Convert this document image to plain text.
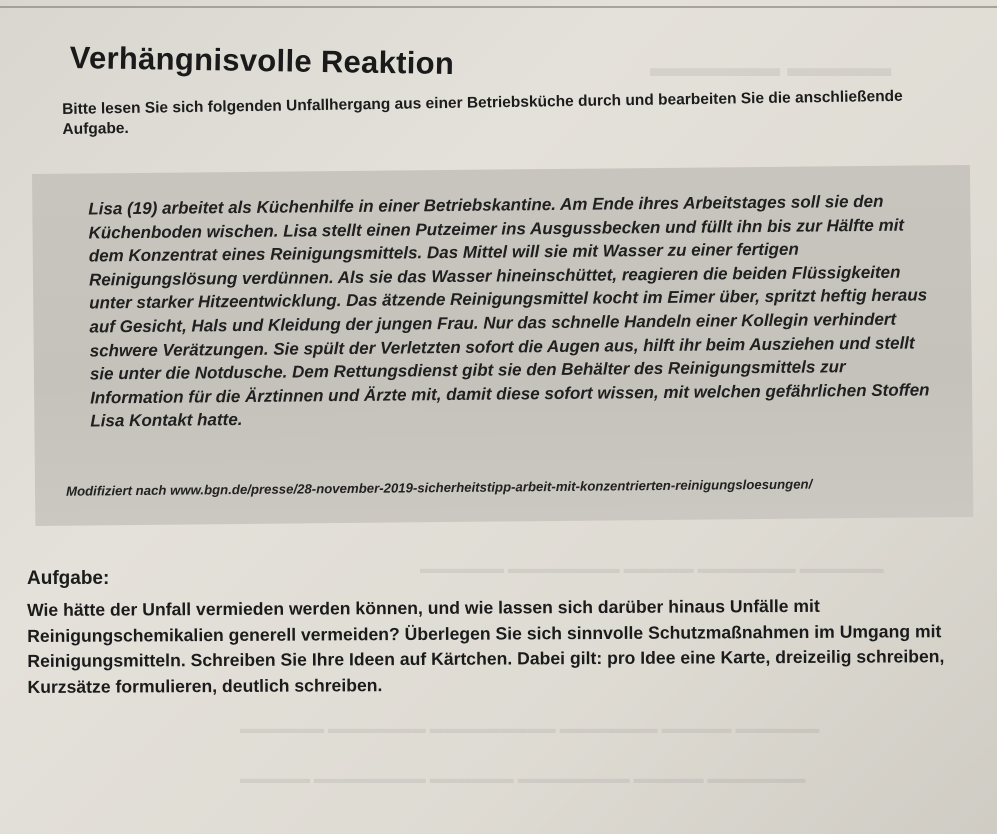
▬▬▬▬ ▬▬▬▬▬
▬▬▬▬▬▬ ▬▬▬▬▬▬▬ ▬▬▬▬▬ ▬▬▬▬▬▬▬▬ ▬▬▬▬▬▬
▬▬▬▬▬▬ ▬▬▬▬▬ ▬▬▬▬▬▬▬ ▬▬▬▬▬▬▬▬▬ ▬▬▬▬▬▬▬ ▬▬▬▬▬▬
▬▬▬▬▬▬▬ ▬▬▬▬▬ ▬▬▬▬▬▬▬▬ ▬▬▬▬▬▬ ▬▬▬▬▬▬▬▬ ▬▬▬▬▬
Verhängnisvolle Reaktion
Bitte lesen Sie sich folgenden Unfallhergang aus einer Betriebsküche durch und bearbeiten Sie die anschließende Aufgabe.

Lisa (19) arbeitet als Küchenhilfe in einer Betriebskantine. Am Ende ihres Arbeitstages soll sie den Küchenboden wischen. Lisa stellt einen Putzeimer ins Ausgussbecken und füllt ihn bis zur Hälfte mit dem Konzentrat eines Reinigungsmittels. Das Mittel will sie mit Wasser zu einer fertigen Reinigungslösung verdünnen. Als sie das Wasser hineinschüttet, reagieren die beiden Flüssigkeiten unter starker Hitzeentwicklung. Das ätzende Reinigungsmittel kocht im Eimer über, spritzt heftig heraus auf Gesicht, Hals und Kleidung der jungen Frau. Nur das schnelle Handeln einer Kollegin verhindert schwere Verätzungen. Sie spült der Verletzten sofort die Augen aus, hilft ihr beim Ausziehen und stellt sie unter die Notdusche. Dem Rettungsdienst gibt sie den Behälter des Reinigungsmittels zur Information für die Ärztinnen und Ärzte mit, damit diese sofort wissen, mit welchen gefährlichen Stoffen Lisa Kontakt hatte.

Modifiziert nach www.bgn.de/presse/28-november-2019-sicherheitstipp-arbeit-mit-konzentrierten-reinigungsloesungen/
Aufgabe:
Wie hätte der Unfall vermieden werden können, und wie lassen sich darüber hinaus Unfälle mit Reinigungschemikalien generell vermeiden? Überlegen Sie sich sinnvolle Schutzmaßnahmen im Umgang mit Reinigungsmitteln. Schreiben Sie Ihre Ideen auf Kärtchen. Dabei gilt: pro Idee eine Karte, dreizeilig schreiben, Kurzsätze formulieren, deutlich schreiben.
